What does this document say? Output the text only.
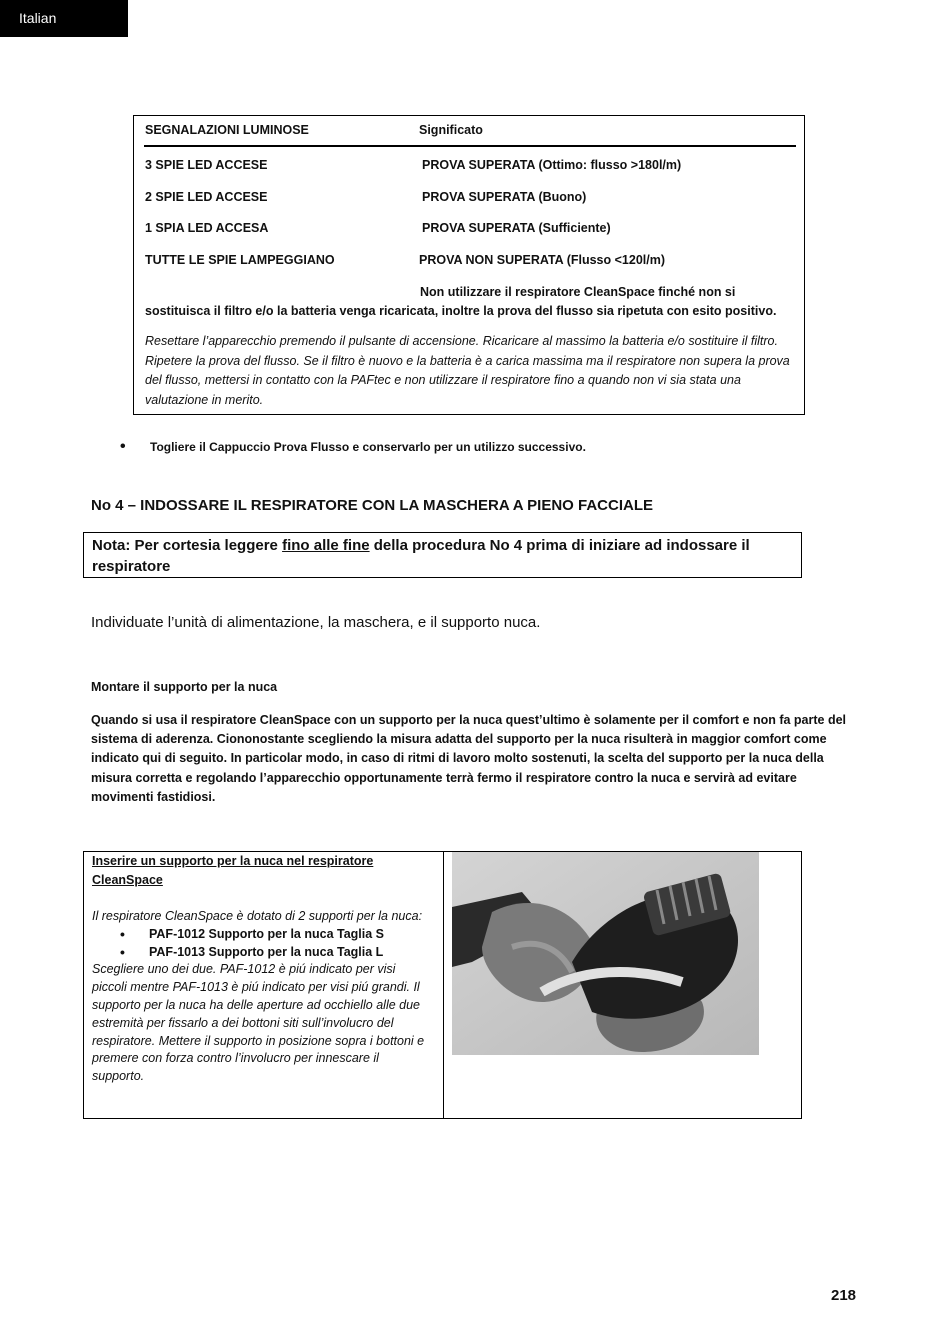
Italian
SEGNALAZIONI LUMINOSE	Significato
3 SPIE LED ACCESE	PROVA SUPERATA (Ottimo: flusso >180l/m)
2 SPIE LED ACCESE	PROVA SUPERATA (Buono)
1 SPIA LED ACCESA	PROVA SUPERATA (Sufficiente)
TUTTE LE SPIE LAMPEGGIANO	PROVA NON SUPERATA (Flusso <120l/m)
Non utilizzare il respiratore CleanSpace finché non si
sostituisca il filtro e/o la batteria venga ricaricata, inoltre la prova del flusso sia ripetuta con esito positivo.
Resettare l’apparecchio premendo il pulsante di accensione. Ricaricare al massimo la batteria e/o sostituire il filtro. Ripetere la prova del flusso. Se il filtro è nuovo e la batteria è a carica massima ma il respiratore non supera la prova del flusso, mettersi in contatto con la PAFtec e non utilizzare il respiratore fino a quando non vi sia stata una valutazione in merito.
• Togliere il Cappuccio Prova Flusso e conservarlo per un utilizzo successivo.
No 4 – INDOSSARE IL RESPIRATORE CON LA MASCHERA A PIENO FACCIALE
Nota: Per cortesia leggere fino alle fine della procedura No 4 prima di iniziare ad indossare il respiratore
Individuate l’unità di alimentazione, la maschera, e il supporto nuca.
Montare il supporto per la nuca
Quando si usa il respiratore CleanSpace con un supporto per la nuca quest’ultimo è solamente per il comfort e non fa parte del sistema di aderenza. Ciononostante scegliendo la misura adatta del supporto per la nuca risulterà in maggior comfort come indicato qui di seguito. In particolar modo, in caso di ritmi di lavoro molto sostenuti, la scelta del supporto per la nuca della misura corretta e regolando l’apparecchio opportunamente terrà fermo il respiratore contro la nuca e servirà ad evitare movimenti fastidiosi.
Inserire un supporto per la nuca nel respiratore CleanSpace
Il respiratore CleanSpace è dotato di 2 supporti per la nuca:
• PAF-1012 Supporto per la nuca Taglia S
• PAF-1013 Supporto per la nuca Taglia L
Scegliere uno dei due. PAF-1012 è piú indicato per visi piccoli mentre PAF-1013 è piú indicato per visi piú grandi. Il supporto per la nuca ha delle aperture ad occhiello alle due estremità per fissarlo a dei bottoni siti sull’involucro del respiratore. Mettere il supporto in posizione sopra i bottoni e premere con forza contro l’involucro per innescare il supporto.
218
